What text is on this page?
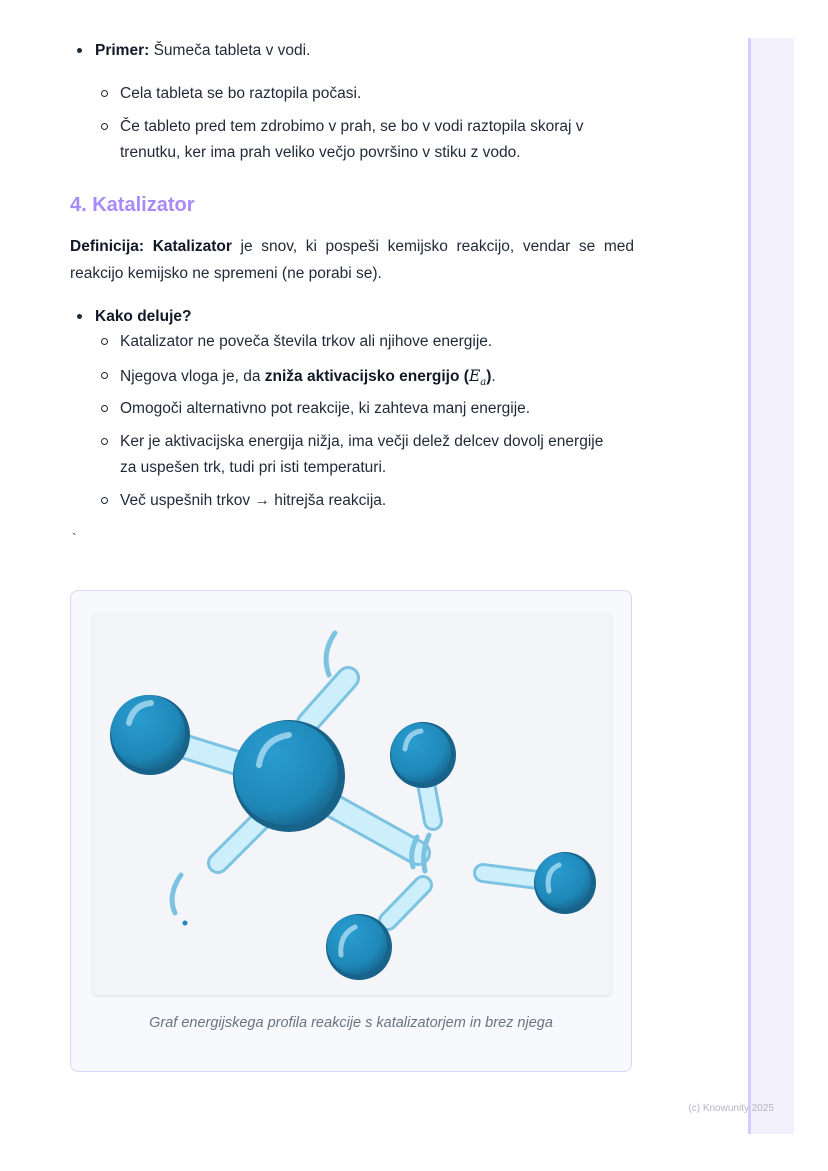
Primer: Šumeča tableta v vodi.
Cela tableta se bo raztopila počasi.
Če tableto pred tem zdrobimo v prah, se bo v vodi raztopila skoraj v trenutku, ker ima prah veliko večjo površino v stiku z vodo.
4. Katalizator
Definicija: Katalizator je snov, ki pospeši kemijsko reakcijo, vendar se med reakcijo kemijsko ne spremeni (ne porabi se).
Kako deluje?
Katalizator ne poveča števila trkov ali njihove energije.
Njegova vloga je, da zniža aktivacijsko energijo $(E_a)$.
Omogoči alternativno pot reakcije, ki zahteva manj energije.
Ker je aktivacijska energija nižja, ima večji delež delcev dovolj energije za uspešen trk, tudi pri isti temperaturi.
Več uspešnih trkov → hitrejša reakcija.
`
Graf energijskega profila reakcije s katalizatorjem in brez njega
(c) Knowunity 2025
